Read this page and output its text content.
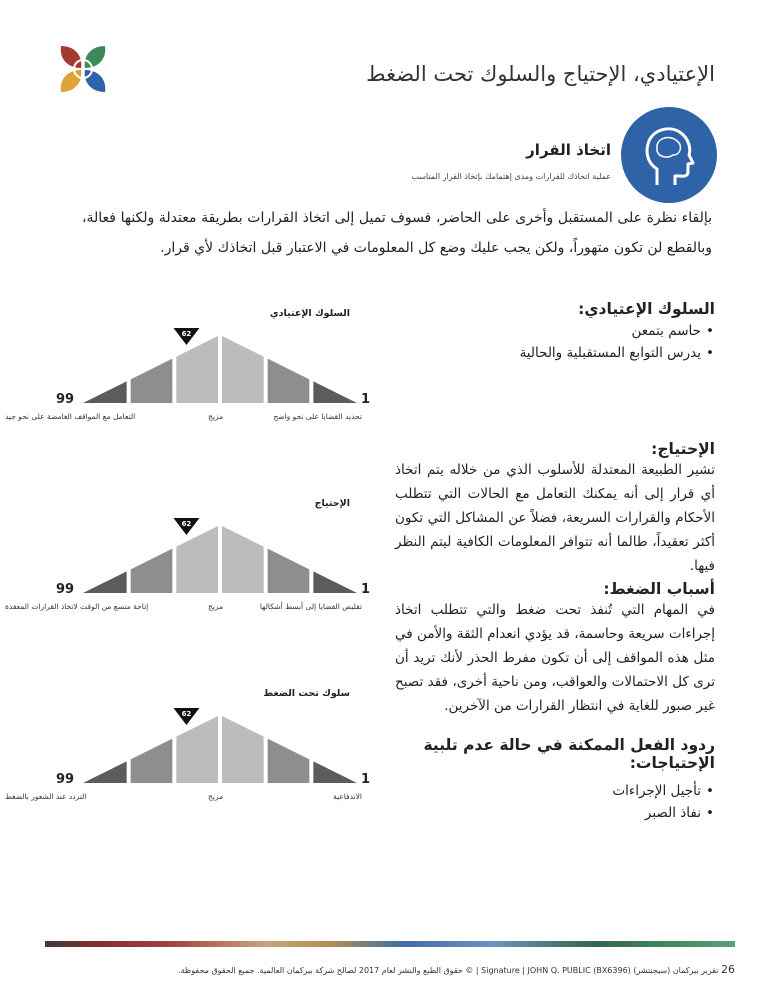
الإعتيادي، الإحتياج والسلوك تحت الضغط
اتخاذ القرار
عملية اتخاذك للقرارات ومدى إهتمامك بإتخاذ القرار المناسب
بإلقاء نظرة على المستقبل وأخرى على الحاضر، فسوف تميل إلى اتخاذ القرارات بطريقة معتدلة ولكنها فعالة، وبالقطع لن تكون متهوراً، ولكن يجب عليك وضع كل المعلومات في الاعتبار قبل اتخاذك لأي قرار.
السلوك الإعتيادي:
• حاسم بتمعن
• يدرس التوابع المستقبلية والحالية
الإحتياج:
تشير الطبيعة المعتدلة للأسلوب الذي من خلاله يتم اتخاذ أي قرار إلى أنه يمكنك التعامل مع الحالات التي تتطلب الأحكام والقرارات السريعة، فضلاً عن المشاكل التي تكون أكثر تعقيداً، طالما أنه تتوافر المعلومات الكافية ليتم النظر فيها.
أسباب الضغط:
في المهام التي تُنفذ تحت ضغط والتي تتطلب اتخاذ إجراءات سريعة وحاسمة، قد يؤدي انعدام الثقة والأمن في مثل هذه المواقف إلى أن تكون مفرط الحذر لأنك تريد أن ترى كل الاحتمالات والعواقب، ومن ناحية أخرى، فقد تصبح غير صبور للغاية في انتظار القرارات من الآخرين.
ردود الفعل الممكنة في حالة عدم تلبية الإحتياجات:
• تأجيل الإجراءات
• نفاذ الصبر
62
السلوك الإعتيادي
99	1
التعامل مع المواقف الغامضة على نحو جيد	مزيج	تحديد القضايا على نحو واضح
62
الإحتياج
99	1
إتاحة متسع من الوقت لاتخاذ القرارات المعقدة	مزيج	تقليص القضايا إلى أبسط أشكالها
62
سلوك تحت الضغط
99	1
التردد عند الشعور بالضغط	مزيج	الاندفاعية
26 تقرير بيركمان (سيجنتشر) Signature | JOHN Q. PUBLIC (BX6396) | © حقوق الطبع والنشر لعام 2017 لصالح شركة بيركمان العالمية. جميع الحقوق محفوظة.
